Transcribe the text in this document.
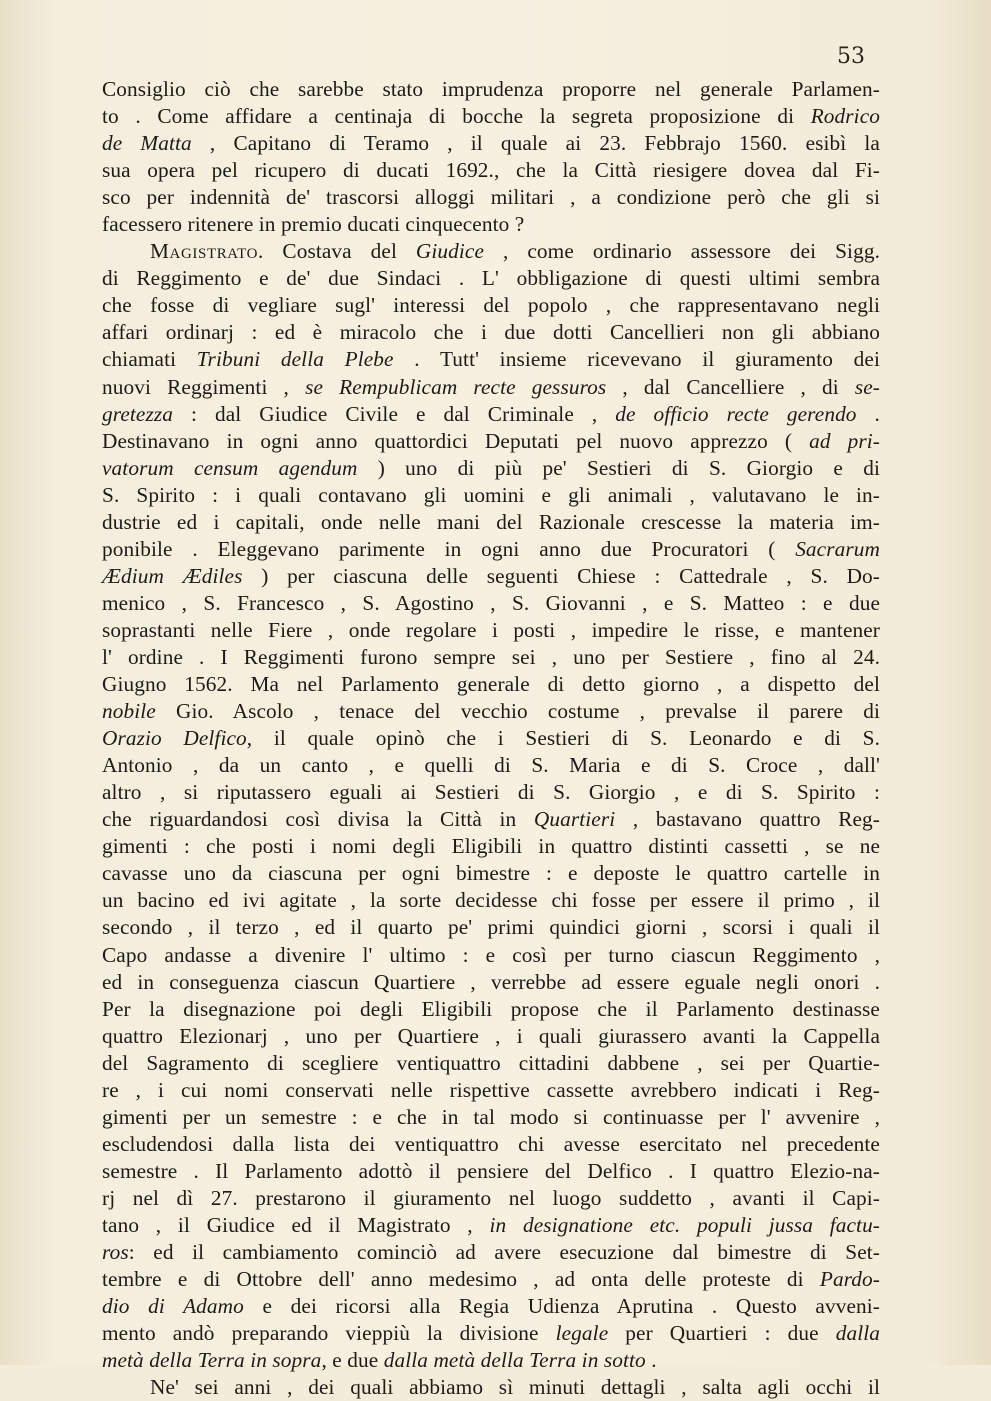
53
Consiglio ciò che sarebbe stato imprudenza proporre nel generale Parlamen-
to . Come affidare a centinaja di bocche la segreta proposizione di Rodrico
de Matta , Capitano di Teramo , il quale ai 23. Febbrajo 1560. esibì la
sua opera pel ricupero di ducati 1692., che la Città riesigere dovea dal Fi-
sco per indennità de' trascorsi alloggi militari , a condizione però che gli si
facessero ritenere in premio ducati cinquecento ?
Magistrato. Costava del Giudice , come ordinario assessore dei Sigg.
di Reggimento e de' due Sindaci . L' obbligazione di questi ultimi sembra
che fosse di vegliare sugl' interessi del popolo , che rappresentavano negli
affari ordinarj : ed è miracolo che i due dotti Cancellieri non gli abbiano
chiamati Tribuni della Plebe . Tutt' insieme ricevevano il giuramento dei
nuovi Reggimenti , se Rempublicam recte gessuros , dal Cancelliere , di se-
gretezza : dal Giudice Civile e dal Criminale , de officio recte gerendo .
Destinavano in ogni anno quattordici Deputati pel nuovo apprezzo ( ad pri-
vatorum censum agendum ) uno di più pe' Sestieri di S. Giorgio e di
S. Spirito : i quali contavano gli uomini e gli animali , valutavano le in-
dustrie ed i capitali, onde nelle mani del Razionale crescesse la materia im-
ponibile . Eleggevano parimente in ogni anno due Procuratori ( Sacrarum
Ædium Ædiles ) per ciascuna delle seguenti Chiese : Cattedrale , S. Do-
menico , S. Francesco , S. Agostino , S. Giovanni , e S. Matteo : e due
soprastanti nelle Fiere , onde regolare i posti , impedire le risse, e mantener
l' ordine . I Reggimenti furono sempre sei , uno per Sestiere , fino al 24.
Giugno 1562. Ma nel Parlamento generale di detto giorno , a dispetto del
nobile Gio. Ascolo , tenace del vecchio costume , prevalse il parere di
Orazio Delfico, il quale opinò che i Sestieri di S. Leonardo e di S.
Antonio , da un canto , e quelli di S. Maria e di S. Croce , dall'
altro , si riputassero eguali ai Sestieri di S. Giorgio , e di S. Spirito :
che riguardandosi così divisa la Città in Quartieri , bastavano quattro Reg-
gimenti : che posti i nomi degli Eligibili in quattro distinti cassetti , se ne
cavasse uno da ciascuna per ogni bimestre : e deposte le quattro cartelle in
un bacino ed ivi agitate , la sorte decidesse chi fosse per essere il primo , il
secondo , il terzo , ed il quarto pe' primi quindici giorni , scorsi i quali il
Capo andasse a divenire l' ultimo : e così per turno ciascun Reggimento ,
ed in conseguenza ciascun Quartiere , verrebbe ad essere eguale negli onori .
Per la disegnazione poi degli Eligibili propose che il Parlamento destinasse
quattro Elezionarj , uno per Quartiere , i quali giurassero avanti la Cappella
del Sagramento di scegliere ventiquattro cittadini dabbene , sei per Quartie-
re , i cui nomi conservati nelle rispettive cassette avrebbero indicati i Reg-
gimenti per un semestre : e che in tal modo si continuasse per l' avvenire ,
escludendosi dalla lista dei ventiquattro chi avesse esercitato nel precedente
semestre . Il Parlamento adottò il pensiere del Delfico . I quattro Elezio-na-
rj nel dì 27. prestarono il giuramento nel luogo suddetto , avanti il Capi-
tano , il Giudice ed il Magistrato , in designatione etc. populi jussa factu-
ros: ed il cambiamento cominciò ad avere esecuzione dal bimestre di Set-
tembre e di Ottobre dell' anno medesimo , ad onta delle proteste di Pardo-
dio di Adamo e dei ricorsi alla Regia Udienza Aprutina . Questo avveni-
mento andò preparando vieppiù la divisione legale per Quartieri : due dalla
metà della Terra in sopra, e due dalla metà della Terra in sotto .
Ne' sei anni , dei quali abbiamo sì minuti dettagli , salta agli occhi il
